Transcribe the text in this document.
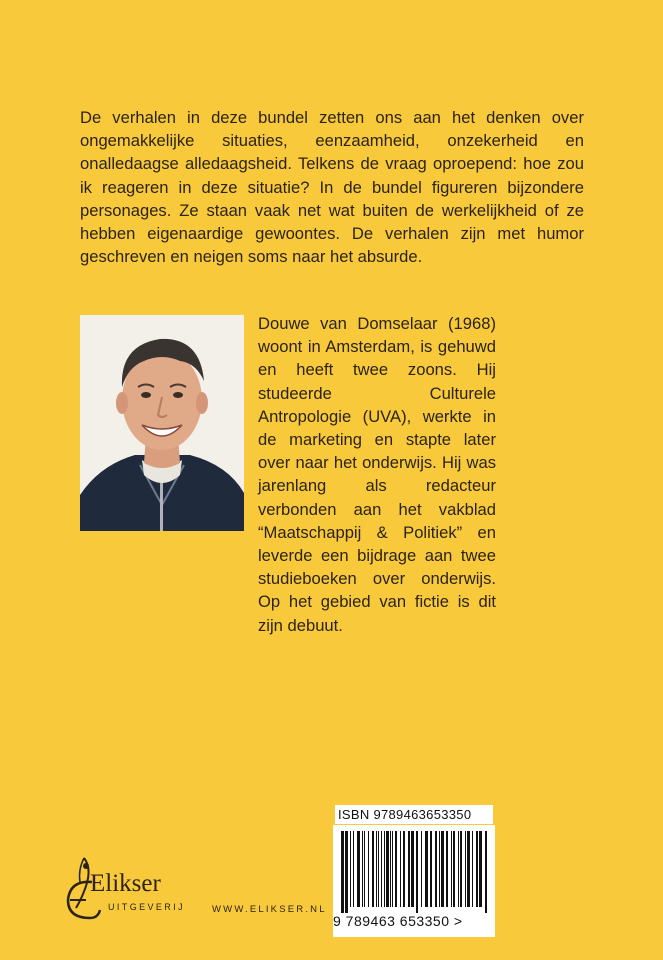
De verhalen in deze bundel zetten ons aan het denken over ongemakkelijke situaties, eenzaamheid, onzekerheid en onalledaagse alledaagsheid. Telkens de vraag oproepend: hoe zou ik reageren in deze situatie? In de bundel figureren bijzondere personages. Ze staan vaak net wat buiten de werkelijkheid of ze hebben eigenaardige gewoontes. De verhalen zijn met humor geschreven en neigen soms naar het absurde.

Douwe van Domselaar (1968) woont in Amsterdam, is gehuwd en heeft twee zoons. Hij studeerde Culturele Antropologie (UVA), werkte in de marketing en stapte later over naar het onderwijs. Hij was jarenlang als redacteur verbonden aan het vakblad “Maatschappij & Politiek” en leverde een bijdrage aan twee studieboeken over onderwijs. Op het gebied van fictie is dit zijn debuut.

ISBN 9789463653350
9 789463 653350 >
Elikser
UITGEVERIJ	WWW.ELIKSER.NL
